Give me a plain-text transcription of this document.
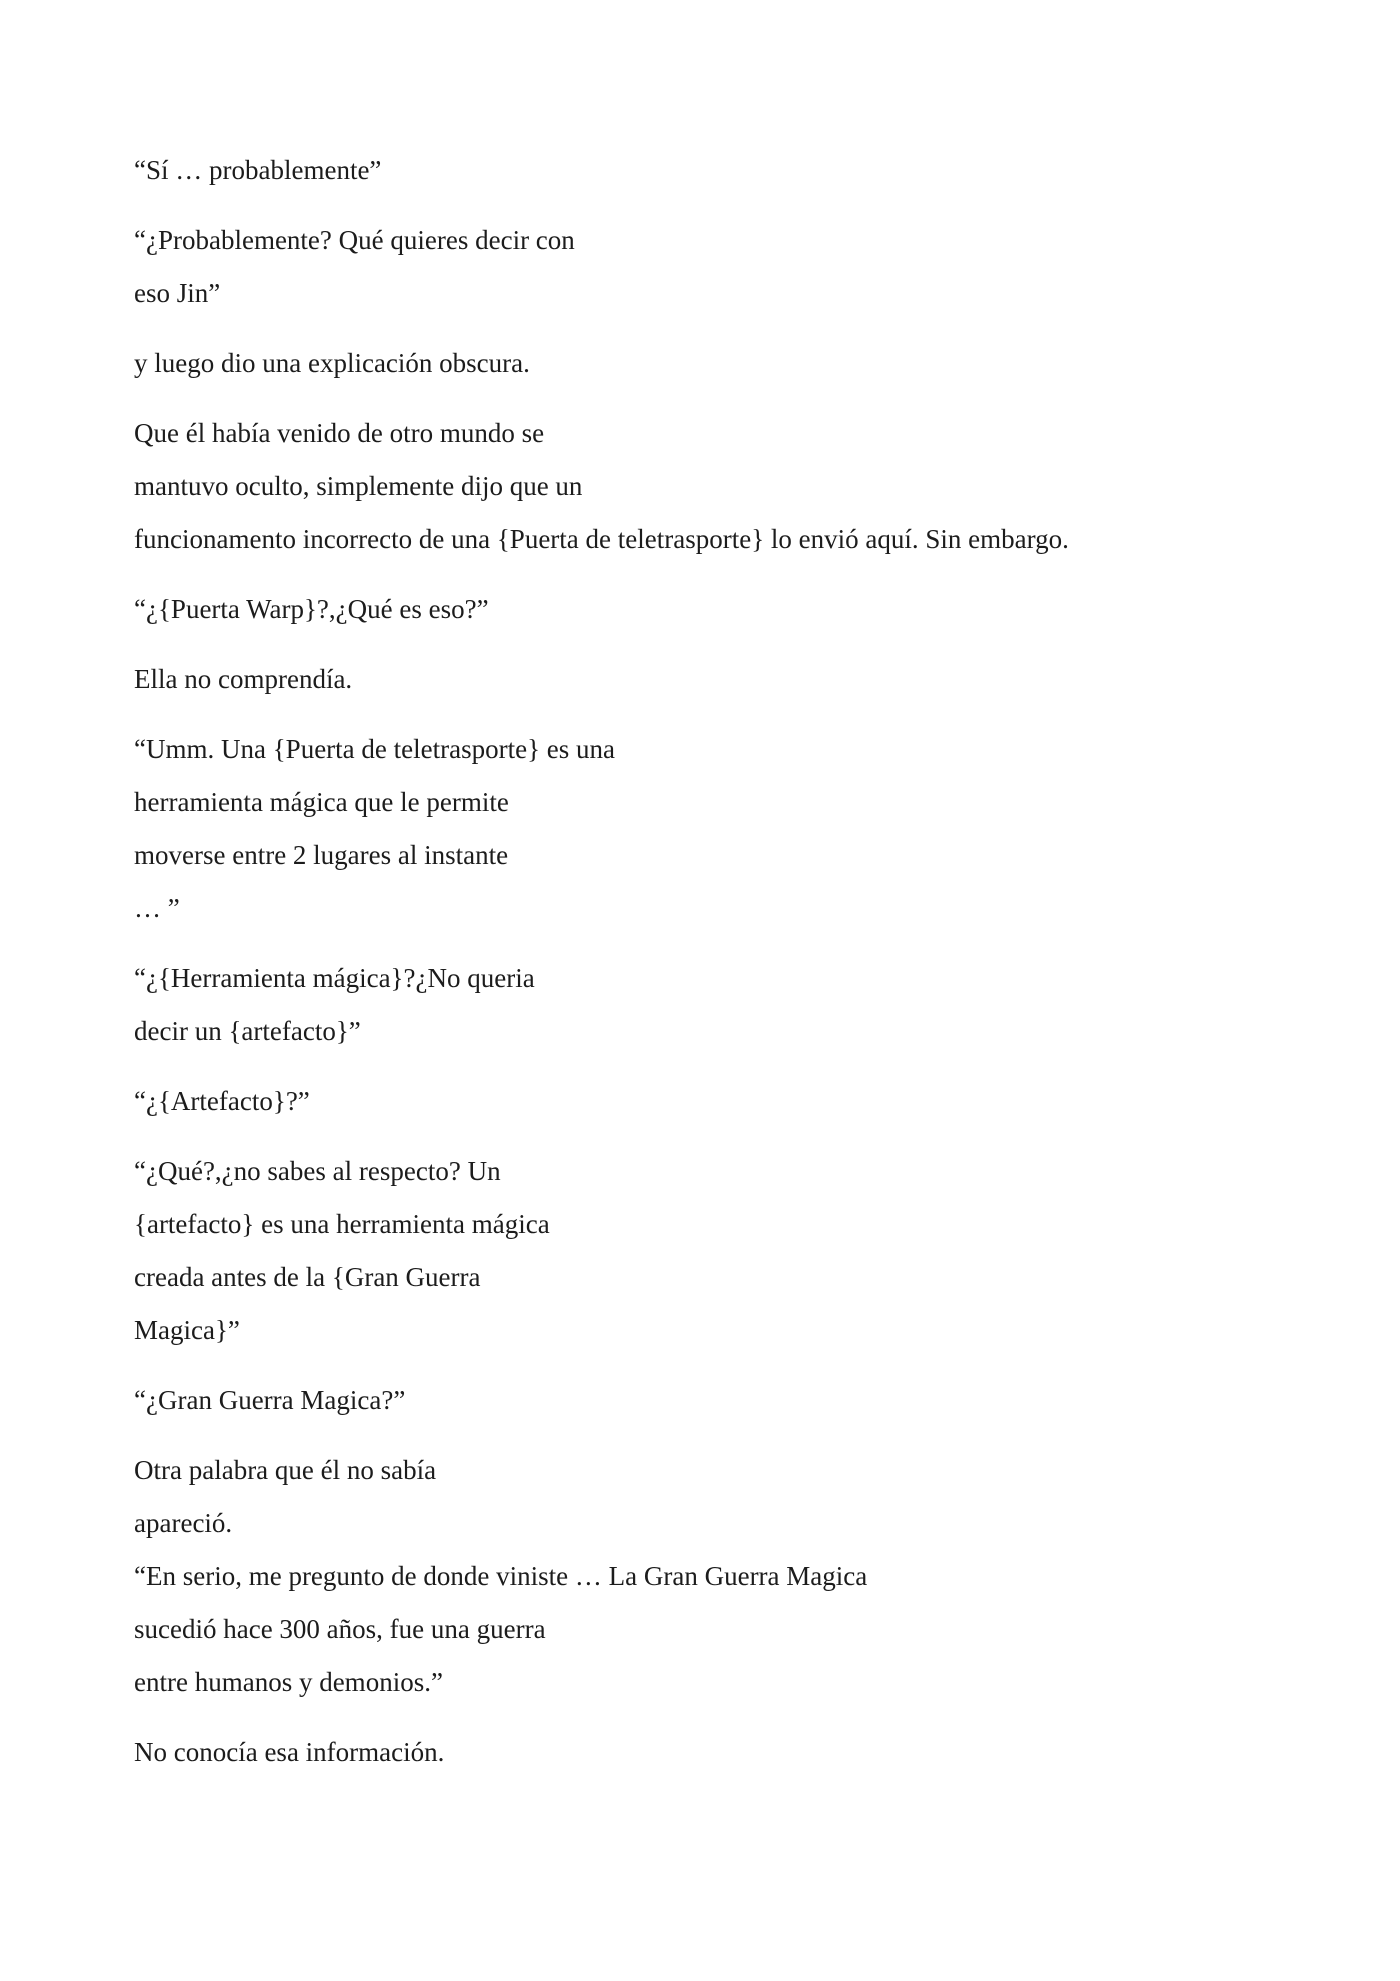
“Sí … probablemente”

“¿Probablemente? Qué quieres decir con
eso Jin”

y luego dio una explicación obscura.

Que él había venido de otro mundo se
mantuvo oculto, simplemente dijo que un
funcionamento incorrecto de una {Puerta de teletrasporte} lo envió aquí. Sin embargo.

“¿{Puerta Warp}?,¿Qué es eso?”

Ella no comprendía.

“Umm. Una {Puerta de teletrasporte} es una
herramienta mágica que le permite
moverse entre 2 lugares al instante
… ”

“¿{Herramienta mágica}?¿No queria
decir un {artefacto}”

“¿{Artefacto}?”

“¿Qué?,¿no sabes al respecto? Un
{artefacto} es una herramienta mágica
creada antes de la {Gran Guerra
Magica}”

“¿Gran Guerra Magica?”

Otra palabra que él no sabía
apareció.
“En serio, me pregunto de donde viniste … La Gran Guerra Magica
sucedió hace 300 años, fue una guerra
entre humanos y demonios.”

No conocía esa información.
